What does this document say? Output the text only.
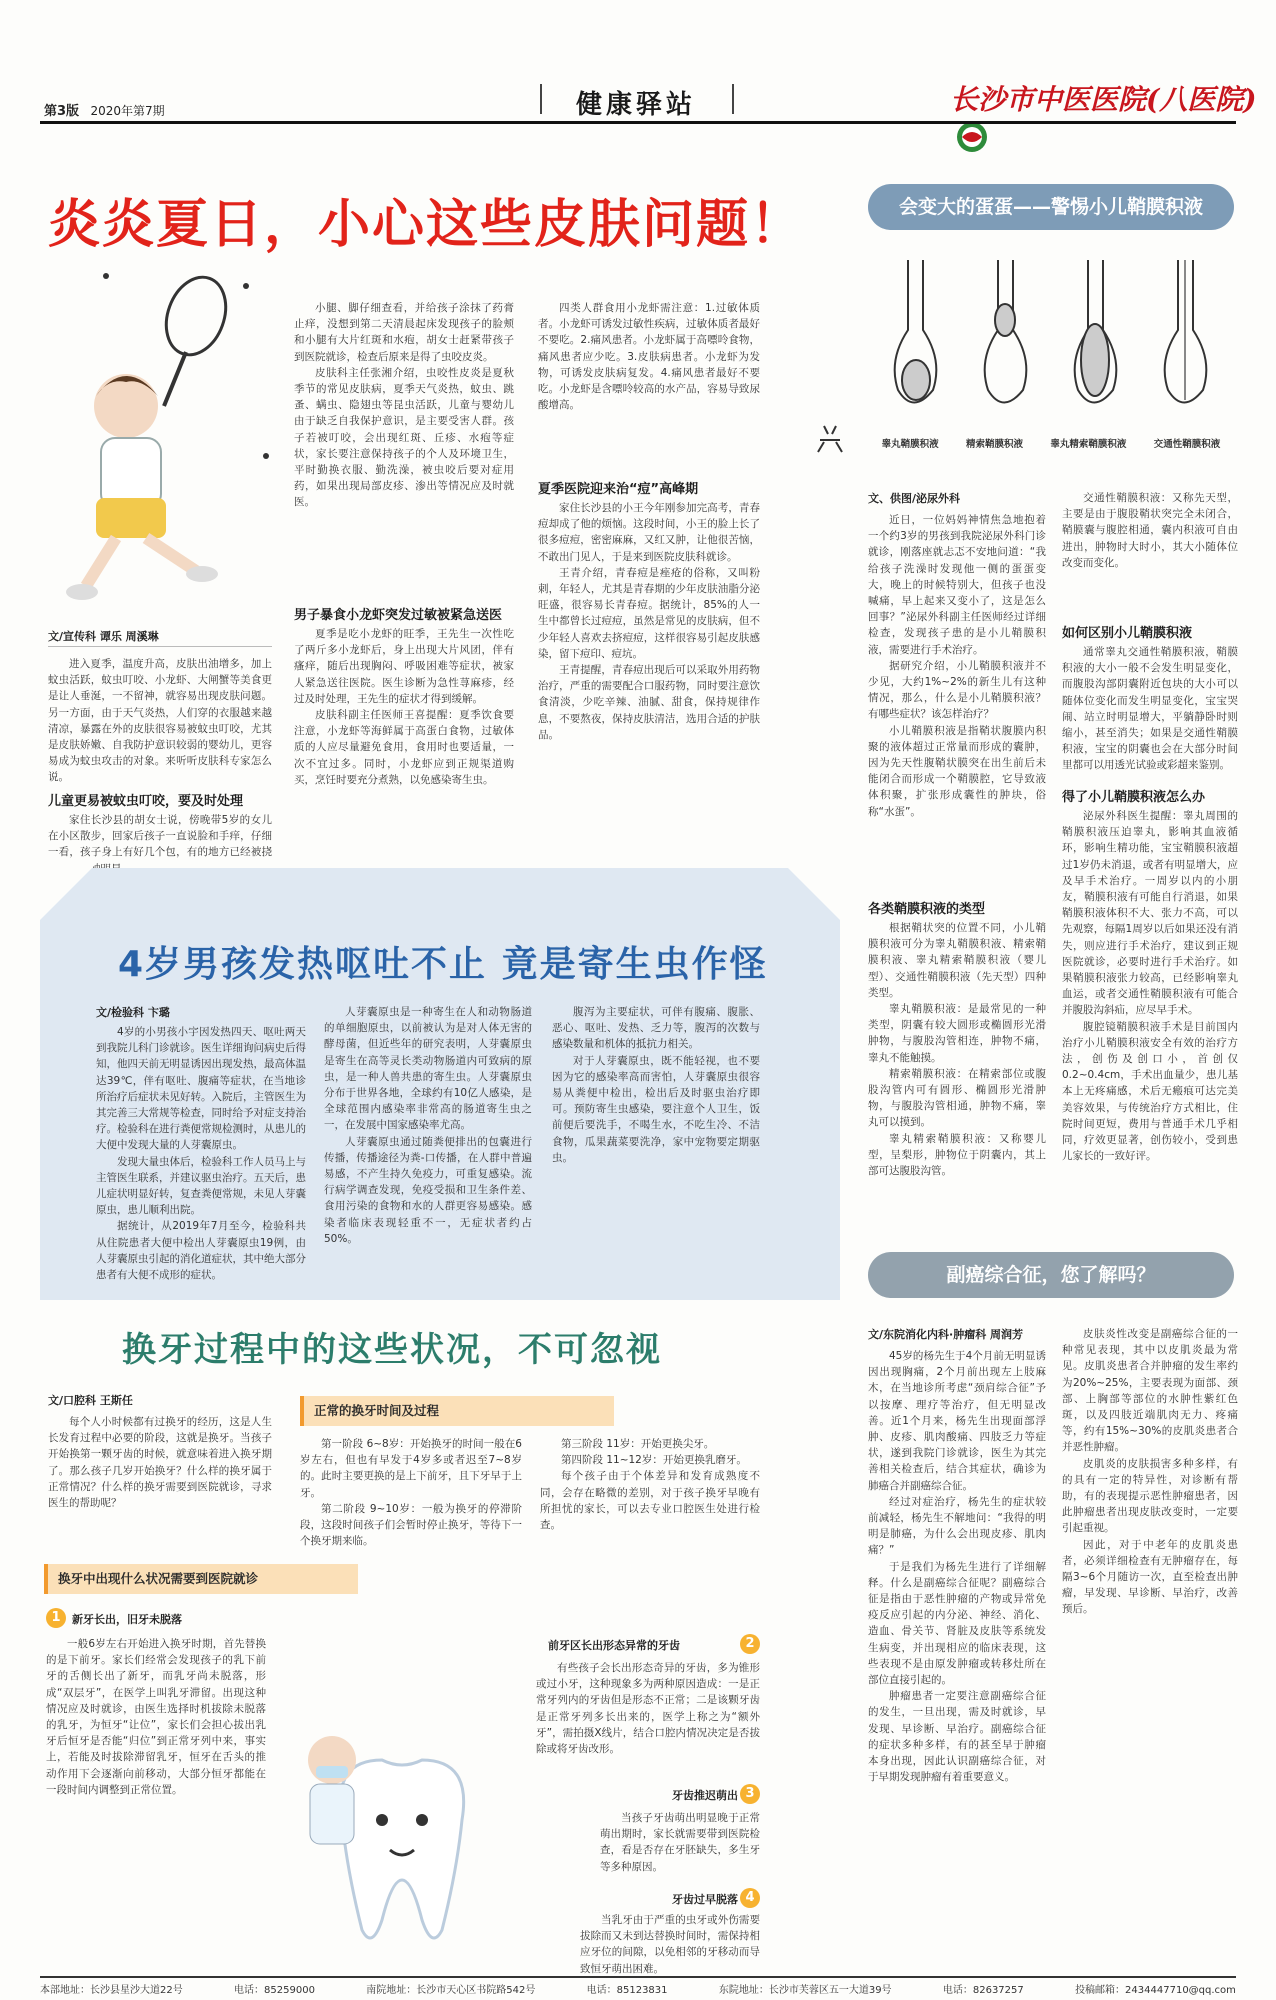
第3版 2020年第7期	健康驿站	长沙市中医医院(八医院)
炎炎夏日，小心这些皮肤问题！
文/宣传科 谭乐 周溪琳

进入夏季，温度升高，皮肤出油增多，加上蚊虫活跃，蚊虫叮咬、小龙虾、大闸蟹等美食更是让人垂涎，一不留神，就容易出现皮肤问题。另一方面，由于天气炎热，人们穿的衣服越来越清凉，暴露在外的皮肤很容易被蚊虫叮咬，尤其是皮肤娇嫩、自我防护意识较弱的婴幼儿，更容易成为蚊虫攻击的对象。来听听皮肤科专家怎么说。

儿童更易被蚊虫叮咬，要及时处理

家住长沙县的胡女士说，傍晚带5岁的女儿在小区散步，回家后孩子一直说脸和手痒，仔细一看，孩子身上有好几个包，有的地方已经被挠

小腿、脚仔细查看，并给孩子涂抹了药膏止痒，没想到第二天清晨起床发现孩子的脸颊和小腿有大片红斑和水疱，胡女士赶紧带孩子到医院就诊，检查后原来是得了虫咬皮炎。

皮肤科主任张湘介绍，虫咬性皮炎是夏秋季节的常见皮肤病，夏季天气炎热，蚊虫、跳蚤、螨虫、隐翅虫等昆虫活跃，儿童与婴幼儿由于缺乏自我保护意识，是主要受害人群。孩子若被叮咬，会出现红斑、丘疹、水疱等症状，家长要注意保持孩子的个人及环境卫生，平时勤换衣服、勤洗澡，被虫咬后要对症用药，如果出现局部皮疹、渗出等情况应及时就医。

男子暴食小龙虾突发过敏被紧急送医

夏季是吃小龙虾的旺季，王先生一次性吃了两斤多小龙虾后，身上出现大片风团，伴有瘙痒，随后出现胸闷、呼吸困难等症状，被家人紧急送往医院。医生诊断为急性荨麻疹，经过及时处理，王先生的症状才得到缓解。

皮肤科副主任医师王喜提醒：夏季饮食要注意，小龙虾等海鲜属于高蛋白食物，过敏体质的人应尽量避免食用，食用时也要适量，一次不宜过多。同时，小龙虾应到正规渠道购买，烹饪时要充分煮熟，以免感染寄生虫。

四类人群食用小龙虾需注意：1.过敏体质者。小龙虾可诱发过敏性疾病，过敏体质者最好不要吃。2.痛风患者。小龙虾属于高嘌呤食物，痛风患者应少吃。3.皮肤病患者。小龙虾为发物，可诱发皮肤病复发。4.痛风患者最好不要吃。小龙虾是含嘌呤较高的水产品，容易导致尿酸增高。

夏季医院迎来治“痘”高峰期

家住长沙县的小王今年刚参加完高考，青春痘却成了他的烦恼。这段时间，小王的脸上长了很多痘痘，密密麻麻，又红又肿，让他很苦恼，不敢出门见人，于是来到医院皮肤科就诊。

王青介绍，青春痘是痤疮的俗称，又叫粉刺，年轻人，尤其是青春期的少年皮肤油脂分泌旺盛，很容易长青春痘。据统计，85%的人一生中都曾长过痘痘，虽然是常见的皮肤病，但不少年轻人喜欢去挤痘痘，这样很容易引起皮肤感染，留下痘印、痘坑。

王青提醒，青春痘出现后可以采取外用药物治疗，严重的需要配合口服药物，同时要注意饮食清淡，少吃辛辣、油腻、甜食，保持规律作息，不要熬夜，保持皮肤清洁，选用合适的护肤品。

4岁男孩发热呕吐不止 竟是寄生虫作怪
文/检验科 卞璐

4岁的小男孩小宇因发热四天、呕吐两天到我院儿科门诊就诊。医生详细询问病史后得知，他四天前无明显诱因出现发热，最高体温达39℃，伴有呕吐、腹痛等症状，在当地诊所治疗后症状未见好转。入院后，主管医生为其完善三大常规等检查，同时给予对症支持治疗。检验科在进行粪便常规检测时，从患儿的大便中发现大量的人芽囊原虫。

发现大量虫体后，检验科工作人员马上与主管医生联系，并建议驱虫治疗。五天后，患儿症状明显好转，复查粪便常规，未见人芽囊原虫，患儿顺利出院。

据统计，从2019年7月至今，检验科共从住院患者大便中检出人芽囊原虫19例，由人芽囊原虫引起的消化道症状，其中绝大部分患者有大便不成形的症状。

人芽囊原虫是一种寄生在人和动物肠道的单细胞原虫，以前被认为是对人体无害的酵母菌，但近些年的研究表明，人芽囊原虫是寄生在高等灵长类动物肠道内可致病的原虫，是一种人兽共患的寄生虫。人芽囊原虫分布于世界各地，全球约有10亿人感染，是全球范围内感染率非常高的肠道寄生虫之一，在发展中国家感染率尤高。

人芽囊原虫通过随粪便排出的包囊进行传播，传播途径为粪-口传播，在人群中普遍易感，不产生持久免疫力，可重复感染。流行病学调查发现，免疫受损和卫生条件差、食用污染的食物和水的人群更容易感染。感染者临床表现轻重不一，无症状者约占50%。

腹泻为主要症状，可伴有腹痛、腹胀、恶心、呕吐、发热、乏力等，腹泻的次数与感染数量和机体的抵抗力相关。

对于人芽囊原虫，既不能轻视，也不要因为它的感染率高而害怕，人芽囊原虫很容易从粪便中检出，检出后及时驱虫治疗即可。预防寄生虫感染，要注意个人卫生，饭前便后要洗手，不喝生水，不吃生冷、不洁食物，瓜果蔬菜要洗净，家中宠物要定期驱虫。

换牙过程中的这些状况，不可忽视
文/口腔科 王斯任

每个人小时候都有过换牙的经历，这是人生长发育过程中必要的阶段，这就是换牙。当孩子开始换第一颗牙齿的时候，就意味着进入换牙期了。那么孩子几岁开始换牙？什么样的换牙属于正常情况？什么样的换牙需要到医院就诊，寻求医生的帮助呢？

正常的换牙时间及过程

第一阶段 6~8岁：开始换牙的时间一般在6岁左右，但也有早发于4岁多或者迟至7~8岁的。此时主要更换的是上下前牙，且下牙早于上牙。

第二阶段 9~10岁：一般为换牙的停滞阶段，这段时间孩子们会暂时停止换牙，等待下一个换牙期来临。

第三阶段 11岁：开始更换尖牙。

第四阶段 11~12岁：开始更换乳磨牙。

每个孩子由于个体差异和发育成熟度不同，会存在略微的差别，对于孩子换牙早晚有所担忧的家长，可以去专业口腔医生处进行检查。

换牙中出现什么状况需要到医院就诊
1	新牙长出，旧牙未脱落

一般6岁左右开始进入换牙时期，首先替换的是下前牙。家长们经常会发现孩子的乳下前牙的舌侧长出了新牙，而乳牙尚未脱落，形成“双层牙”，在医学上叫乳牙滞留。出现这种情况应及时就诊，由医生选择时机拔除未脱落的乳牙，为恒牙“让位”，家长们会担心拔出乳牙后恒牙是否能“归位”到正常牙列中来，事实上，若能及时拔除滞留乳牙，恒牙在舌头的推动作用下会逐渐向前移动，大部分恒牙都能在一段时间内调整到正常位置。

前牙区长出形态异常的牙齿	2

有些孩子会长出形态奇异的牙齿，多为锥形或过小牙，这种现象多为两种原因造成：一是正常牙列内的牙齿但是形态不正常；二是该颗牙齿是正常牙列多长出来的，医学上称之为“额外牙”，需拍摄X线片，结合口腔内情况决定是否拔除或将牙齿改形。

牙齿推迟萌出 3

当孩子牙齿萌出明显晚于正常萌出期时，家长就需要带到医院检查，看是否存在牙胚缺失，多生牙等多种原因。

牙齿过早脱落 4

当乳牙由于严重的虫牙或外伤需要拔除而又未到达替换时间时，需保持相应牙位的间隙，以免相邻的牙移动而导致恒牙萌出困难。

会变大的蛋蛋——警惕小儿鞘膜积液
睾丸鞘膜积液	精索鞘膜积液	睾丸精索鞘膜积液	交通性鞘膜积液
文、供图/泌尿外科

近日，一位妈妈神情焦急地抱着一个约3岁的男孩到我院泌尿外科门诊就诊，刚落座就忐忑不安地问道：“我给孩子洗澡时发现他一侧的蛋蛋变大，晚上的时候特别大，但孩子也没喊痛，早上起来又变小了，这是怎么回事？”泌尿外科副主任医师经过详细检查，发现孩子患的是小儿鞘膜积液，需要进行手术治疗。

据研究介绍，小儿鞘膜积液并不少见，大约1%~2%的新生儿有这种情况，那么，什么是小儿鞘膜积液？有哪些症状？该怎样治疗？

小儿鞘膜积液是指鞘状腹膜内积聚的液体超过正常量而形成的囊肿，因为先天性腹鞘状膜突在出生前后未能闭合而形成一个鞘膜腔，它导致液体积聚，扩张形成囊性的肿块，俗称“水蛋”。

各类鞘膜积液的类型

根据鞘状突的位置不同，小儿鞘膜积液可分为睾丸鞘膜积液、精索鞘膜积液、睾丸精索鞘膜积液（婴儿型）、交通性鞘膜积液（先天型）四种类型。

睾丸鞘膜积液：是最常见的一种类型，阴囊有较大圆形或椭圆形光滑肿物，与腹股沟管相连，肿物不痛，睾丸不能触摸。

精索鞘膜积液：在精索部位或腹股沟管内可有圆形、椭圆形光滑肿物，与腹股沟管相通，肿物不痛，睾丸可以摸到。

睾丸精索鞘膜积液：又称婴儿型，呈梨形，肿物位于阴囊内，其上部可达腹股沟管。

交通性鞘膜积液：又称先天型，主要是由于腹股鞘状突完全未闭合，鞘膜囊与腹腔相通，囊内积液可自由进出，肿物时大时小，其大小随体位改变而变化。

如何区别小儿鞘膜积液

通常睾丸交通性鞘膜积液，鞘膜积液的大小一般不会发生明显变化，而腹股沟部阴囊附近包块的大小可以随体位变化而发生明显变化，宝宝哭闹、站立时明显增大，平躺静卧时则缩小，甚至消失；如果是交通性鞘膜积液，宝宝的阴囊也会在大部分时间里都可以用透光试验或彩超来鉴别。

得了小儿鞘膜积液怎么办

泌尿外科医生提醒：睾丸周围的鞘膜积液压迫睾丸，影响其血液循环，影响生精功能，宝宝鞘膜积液超过1岁仍未消退，或者有明显增大，应及早手术治疗。一周岁以内的小朋友，鞘膜积液有可能自行消退，如果鞘膜积液体积不大、张力不高，可以先观察，每隔1周岁以后如果还没有消失，则应进行手术治疗，建议到正规医院就诊，必要时进行手术治疗。如果鞘膜积液张力较高，已经影响睾丸血运，或者交通性鞘膜积液有可能合并腹股沟斜疝，应尽早手术。

腹腔镜鞘膜积液手术是目前国内治疗小儿鞘膜积液安全有效的治疗方法，创伤及创口小，首创仅0.2~0.4cm，手术出血量少，患儿基本上无疼痛感，术后无瘢痕可达完美美容效果，与传统治疗方式相比，住院时间更短，费用与普通手术几乎相同，疗效更显著，创伤较小，受到患儿家长的一致好评。

副癌综合征，您了解吗？
文/东院消化内科·肿瘤科 周润芳

45岁的杨先生于4个月前无明显诱因出现胸痛，2个月前出现左上肢麻木，在当地诊所考虑“颈肩综合征”予以按摩、理疗等治疗，但无明显改善。近1个月来，杨先生出现面部浮肿、皮疹、肌肉酸痛、四肢乏力等症状，遂到我院门诊就诊，医生为其完善相关检查后，结合其症状，确诊为肺癌合并副癌综合征。

经过对症治疗，杨先生的症状较前减轻，杨先生不解地问：“我得的明明是肺癌，为什么会出现皮疹、肌肉痛？”

于是我们为杨先生进行了详细解释。什么是副癌综合征呢？副癌综合征是指由于恶性肿瘤的产物或异常免疫反应引起的内分泌、神经、消化、造血、骨关节、肾脏及皮肤等系统发生病变，并出现相应的临床表现，这些表现不是由原发肿瘤或转移灶所在部位直接引起的。

肿瘤患者一定要注意副癌综合征的发生，一旦出现，需及时就诊，早发现、早诊断、早治疗。副癌综合征的症状多种多样，有的甚至早于肿瘤本身出现，因此认识副癌综合征，对于早期发现肿瘤有着重要意义。

皮肤炎性改变是副癌综合征的一种常见表现，其中以皮肌炎最为常见。皮肌炎患者合并肿瘤的发生率约为20%~25%，主要表现为面部、颈部、上胸部等部位的水肿性紫红色斑，以及四肢近端肌肉无力、疼痛等，约有15%~30%的皮肌炎患者合并恶性肿瘤。

皮肌炎的皮肤损害多种多样，有的具有一定的特异性，对诊断有帮助，有的表现提示恶性肿瘤患者，因此肿瘤患者出现皮肤改变时，一定要引起重视。

因此，对于中老年的皮肌炎患者，必须详细检查有无肿瘤存在，每隔3~6个月随访一次，直至检查出肿瘤，早发现、早诊断、早治疗，改善预后。

本部地址：长沙县星沙大道22号	电话：85259000	南院地址：长沙市天心区书院路542号	电话：85123831	东院地址：长沙市芙蓉区五一大道39号	电话：82637257	投稿邮箱：2434447710@qq.com
